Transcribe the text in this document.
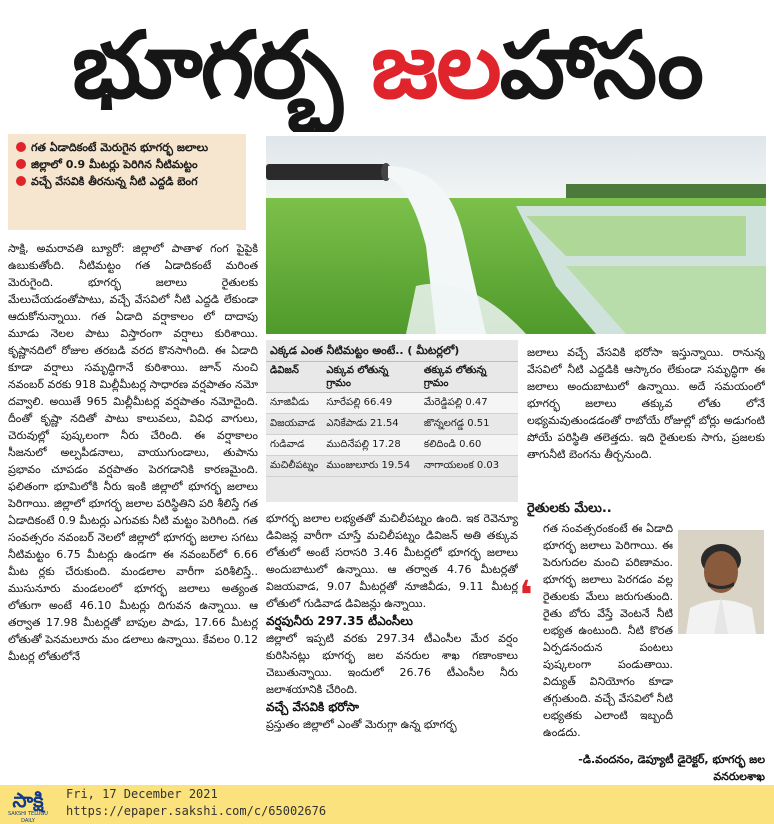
భూగర్భ జలహాసం
గత ఏడాదికంటే మెరుగైన భూగర్భ జలాలు
జిల్లాలో 0.9 మీటర్లు పెరిగిన నీటిమట్టం
వచ్చే వేసవికి తీరనున్న నీటి ఎద్దడి బెంగ
సాక్షి, అమరావతి బ్యూరో: జిల్లాలో పాతాళ గంగ పైపైకి ఉబుకుతోంది. నీటిమట్టం గత ఏడాదికంటే మరింత మెరుగైంది. భూగర్భ జలాలు రైతులకు మేలుచేయడంతోపాటు, వచ్చే వేసవిలో నీటి ఎద్దడి లేకుండా ఆదుకోనున్నాయి. గత ఏడాది వర్షాకాలం లో దాదాపు మూడు నెలల పాటు విస్తారంగా వర్షాలు కురిశాయి. కృష్ణానదిలో రోజుల తరబడి వరద కొనసాగింది. ఈ ఏడాది కూడా వర్షాలు సమృద్ధిగానే కురిశాయి. జూన్ నుంచి నవంబర్ వరకు 918 మిల్లీమీటర్ల సాధారణ వర్షపాతం నమో దవ్వాలి. అయితే 965 మిల్లీమీటర్ల వర్షపాతం నమోదైంది. దీంతో కృష్ణా నదితో పాటు కాలువలు, వివిధ వాగులు, చెరువుల్లో పుష్కలంగా నీరు చేరింది. ఈ వర్షాకాలం సీజనులో అల్పపీడనాలు, వాయుగుండాలు, తుపాను ప్రభావం చూపడం వర్షపాతం పెరగడానికి కారణమైంది. ఫలితంగా భూమిలోకి నీరు ఇంకి జిల్లాలో భూగర్భ జలాలు పెరిగాయి. జిల్లాలో భూగర్భ జలాల పరిస్థితిని పరి శీలిస్తే గత ఏడాదికంటే 0.9 మీటర్లు ఎగువకు నీటి మట్టం పెరిగింది. గత సంవత్సరం నవంబర్ నెలలో జిల్లాలో భూగర్భ జలాల సగటు నీటిమట్టం 6.75 మీటర్లు ఉండగా ఈ నవంబర్‌లో 6.66 మీట ర్లకు చేరుకుంది. మండలాల వారీగా పరిశీలిస్తే.. ముసునూరు మండలంలో భూగర్భ జలాలు అత్యంత లోతుగా అంటే 46.10 మీటర్లు దిగువన ఉన్నాయి. ఆ తర్వాత 17.98 మీటర్లతో బాపుల పాడు, 17.66 మీటర్ల లోతుతో పెనమలూరు మం డలాలు ఉన్నాయి. కేవలం 0.12 మీటర్ల లోతులోనే
ఎక్కడ ఎంత నీటిమట్టం అంటే.. ( మీటర్లలో)
డివిజన్	ఎక్కువ లోతున్న గ్రామం	తక్కువ లోతున్న గ్రామం
నూజివీడు	సూరేపల్లి 66.49	మేరెడ్డిపల్లి 0.47
విజయవాడ	ఎనికేపాడు 21.54	జొన్నలగడ్డ 0.51
గుడివాడ	ముదినేపల్లి 17.28	కలిదిండి 0.60
మచిలీపట్నం	ముంజులూరు 19.54	నాగాయలంక 0.03
భూగర్భ జలాల లభ్యతతో మచిలీపట్నం ఉంది. ఇక రెవెన్యూ డివిజన్ల వారీగా చూస్తే మచిలీపట్నం డివిజన్ అతి తక్కువ లోతులో అంటే సరాసరి 3.46 మీటర్లలో భూగర్భ జలాలు అందుబాటులో ఉన్నాయి. ఆ తర్వాత 4.76 మీటర్లతో విజయవాడ, 9.07 మీటర్లతో నూజివీడు, 9.11 మీటర్ల లోతులో గుడివాడ డివిజన్లు ఉన్నాయి.
వర్షపునీరు 297.35 టీఎంసీలు
జిల్లాలో ఇప్పటి వరకు 297.34 టీఎంసీల మేర వర్షం కురిసినట్లు భూగర్భ జల వనరుల శాఖ గణాంకాలు చెబుతున్నాయి. ఇందులో 26.76 టీఎంసీల నీరు జలాశయానికి చేరింది.
వచ్చే వేసవికి భరోసా
ప్రస్తుతం జిల్లాలో ఎంతో మెరుగ్గా ఉన్న భూగర్భ
జలాలు వచ్చే వేసవికి భరోసా ఇస్తున్నాయి. రానున్న వేసవిలో నీటి ఎద్దడికి ఆస్కారం లేకుండా సమృద్ధిగా ఈ జలాలు అందుబాటులో ఉన్నాయి. అదే సమయంలో భూగర్భ జలాలు తక్కువ లోతు లోనే లభ్యమవుతుండడంతో రాబోయే రోజుల్లో బోర్లు అడుగంటి పోయే పరిస్థితి తలెత్తదు. ఇది రైతులకు సాగు, ప్రజలకు తాగునీటి బెంగను తీర్చనుంది.
రైతులకు మేలు..
❛
గత సంవత్సరంకంటే ఈ ఏడాది భూగర్భ జలాలు పెరిగాయి. ఈ పెరుగుదల మంచి పరిణామం. భూగర్భ జలాలు పెరగడం వల్ల రైతులకు మేలు జరుగుతుంది. రైతు బోరు వేస్తే వెంటనే నీటి లభ్యత ఉంటుంది. నీటి కొరత ఏర్పడనందున పంటలు పుష్కలంగా పండుతాయి. విద్యుత్ వినియోగం కూడా తగ్గుతుంది. వచ్చే వేసవిలో నీటి లభ్యతకు ఎలాంటి ఇబ్బందీ ఉండదు.
-డి.వందనం, డెప్యూటీ డైరెక్టర్, భూగర్భ జల వనరులశాఖ
సాక్షి
SAKSHI TELUGU DAILY
Fri, 17 December 2021
https://epaper.sakshi.com/c/65002676
